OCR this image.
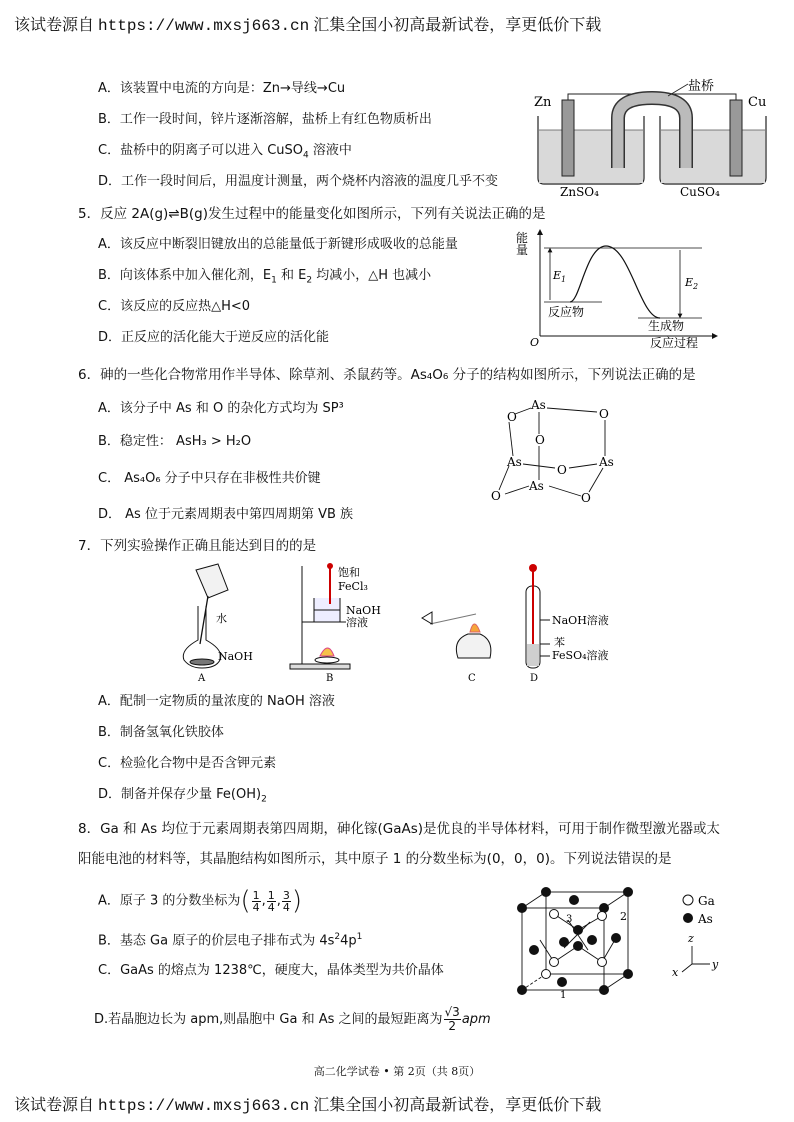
该试卷源自 https://www.mxsj663.cn 汇集全国小初高最新试卷，享更低价下载
A．该装置中电流的方向是：Zn→导线→Cu
B．工作一段时间，锌片逐渐溶解，盐桥上有红色物质析出
C．盐桥中的阴离子可以进入 CuSO$_4$ 溶液中
D．工作一段时间后，用温度计测量，两个烧杯内溶液的温度几乎不变
盐桥
Zn	Cu
ZnSO₄	CuSO₄
5．反应 2A(g)⇌B(g)发生过程中的能量变化如图所示，下列有关说法正确的是
A．该反应中断裂旧键放出的总能量低于新键形成吸收的总能量
B．向该体系中加入催化剂，$E_1$ 和 $E_2$ 均减小，△H 也减小
C．该反应的反应热△H<0
D．正反应的活化能大于逆反应的活化能
能
量
$E_1$	$E_2$
反应物
生成物
O	反应过程
6．砷的一些化合物常用作半导体、除草剂、杀鼠药等。As₄O₆ 分子的结构如图所示，下列说法正确的是
A．该分子中 As 和 O 的杂化方式均为 SP³
B．稳定性： AsH₃ > H₂O
C． As₄O₆ 分子中只存在非极性共价键
D． As 位于元素周期表中第四周期第 VB 族
As
O	O
O
As
O
As
As
O	O
7．下列实验操作正确且能达到目的的是
水
NaOH
饱和
FeCl₃
NaOH
溶液	NaOH溶液
苯
FeSO₄溶液
A	B	C	D
A．配制一定物质的量浓度的 NaOH 溶液
B．制备氢氧化铁胶体
C．检验化合物中是否含钾元素
D．制备并保存少量 $Fe(OH)_2$
8．Ga 和 As 均位于元素周期表第四周期，砷化镓(GaAs)是优良的半导体材料，可用于制作微型激光器或太
阳能电池的材料等，其晶胞结构如图所示，其中原子 1 的分数坐标为(0，0，0)。下列说法错误的是
A．原子 3 的分数坐标为( $\frac{1}{4}$ , $\frac{1}{4}$ , $\frac{3}{4}$ )
B．基态 Ga 原子的价层电子排布式为 $4s^24p^1$
C．GaAs 的熔点为 1238℃，硬度大，晶体类型为共价晶体
D.若晶胞边长为 apm,则晶胞中 Ga 和 As 之间的最短距离为 $\frac{√3}{2}$ apm
3	2
1
Ga
As
z
y
x
高二化学试卷 • 第 2页（共 8页）
该试卷源自 https://www.mxsj663.cn 汇集全国小初高最新试卷，享更低价下载
